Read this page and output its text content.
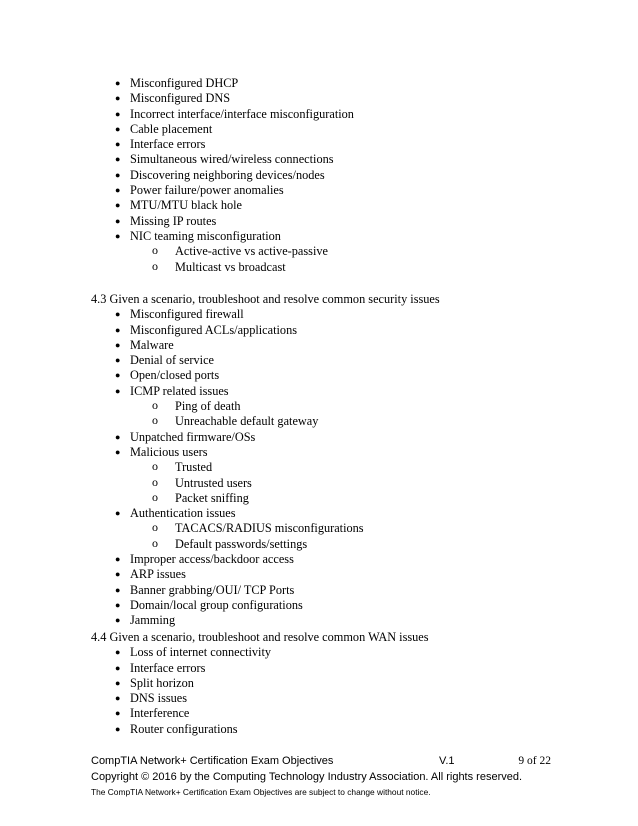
● Misconfigured DHCP
● Misconfigured DNS
● Incorrect interface/interface misconfiguration
● Cable placement
● Interface errors
● Simultaneous wired/wireless connections
● Discovering neighboring devices/nodes
● Power failure/power anomalies
● MTU/MTU black hole
● Missing IP routes
● NIC teaming misconfiguration
o Active-active vs active-passive
o Multicast vs broadcast
4.3 Given a scenario, troubleshoot and resolve common security issues
● Misconfigured firewall
● Misconfigured ACLs/applications
● Malware
● Denial of service
● Open/closed ports
● ICMP related issues
o Ping of death
o Unreachable default gateway
● Unpatched firmware/OSs
● Malicious users
o Trusted
o Untrusted users
o Packet sniffing
● Authentication issues
o TACACS/RADIUS misconfigurations
o Default passwords/settings
● Improper access/backdoor access
● ARP issues
● Banner grabbing/OUI/ TCP Ports
● Domain/local group configurations
● Jamming
4.4 Given a scenario, troubleshoot and resolve common WAN issues
● Loss of internet connectivity
● Interface errors
● Split horizon
● DNS issues
● Interference
● Router configurations
CompTIA Network+ Certification Exam Objectives	V.1	9 of 22
Copyright © 2016 by the Computing Technology Industry Association. All rights reserved.
The CompTIA Network+ Certification Exam Objectives are subject to change without notice.
